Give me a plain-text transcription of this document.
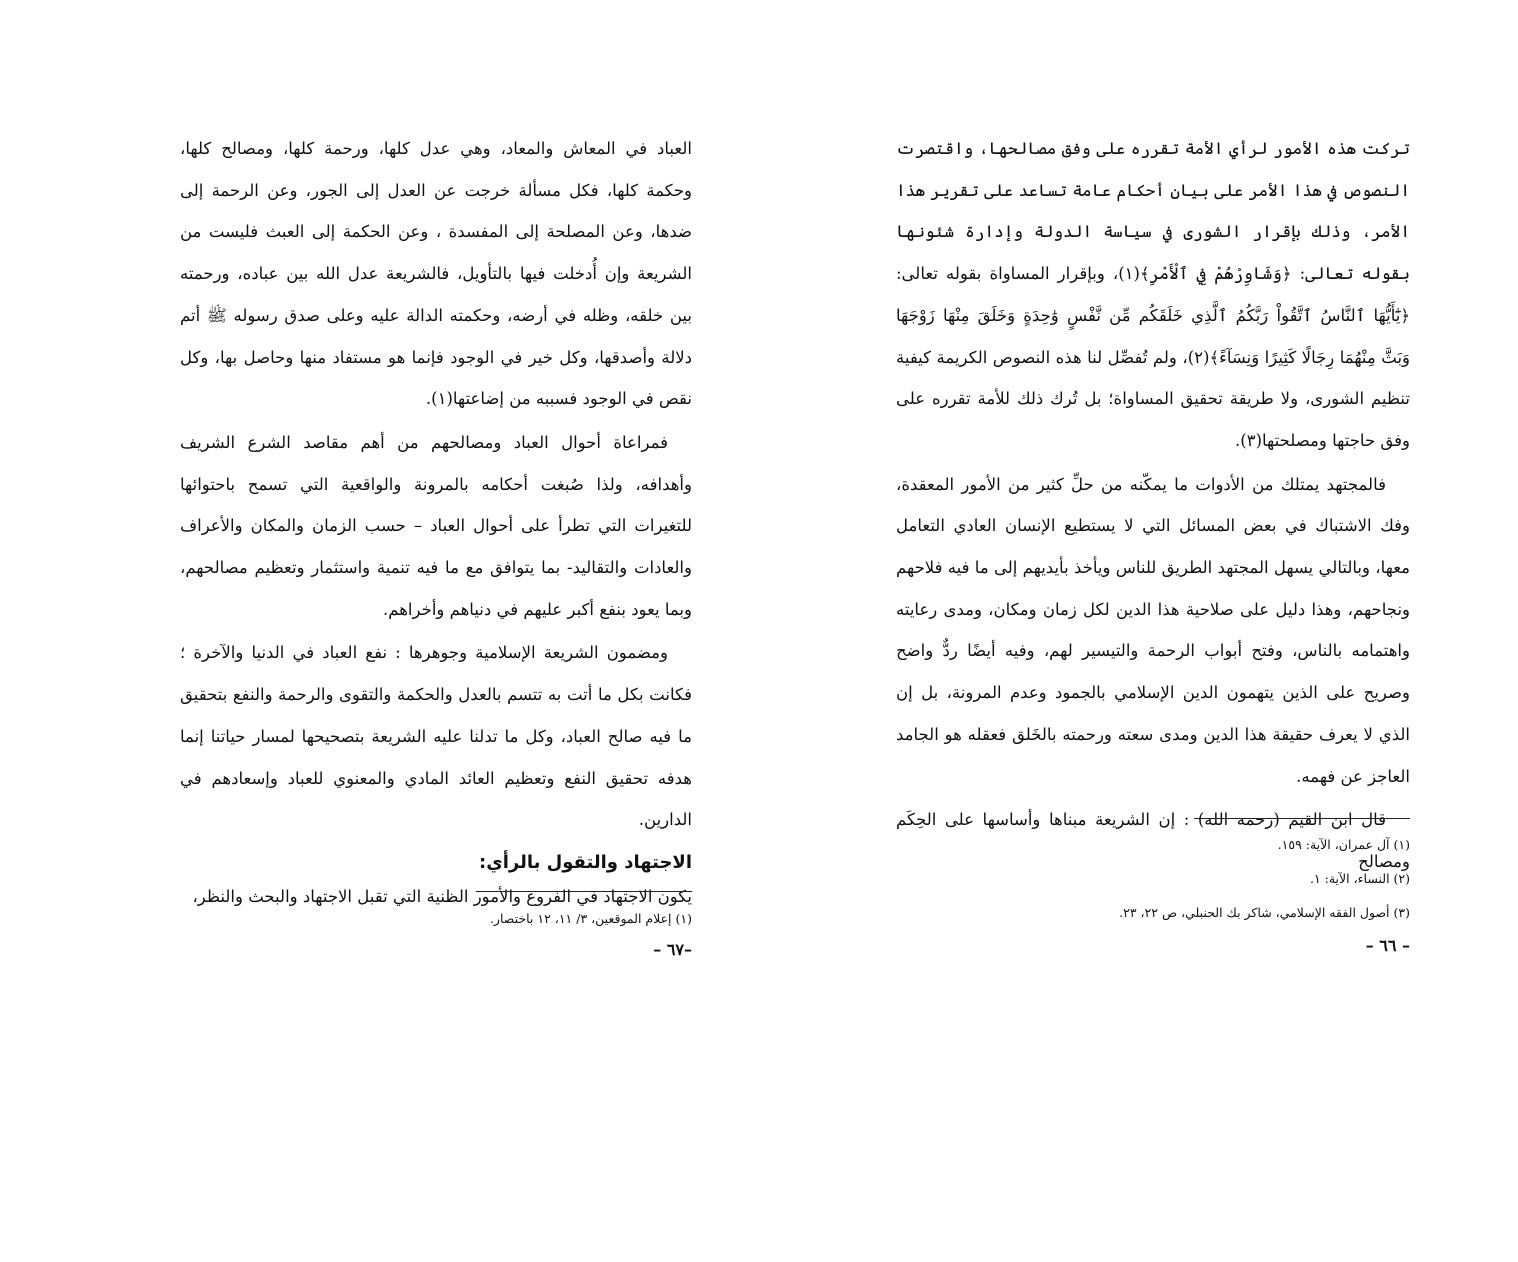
العباد في المعاش والمعاد، وهي عدل كلها، ورحمة كلها، ومصالح كلها، وحكمة كلها، فكل مسألة خرجت عن العدل إلى الجور، وعن الرحمة إلى ضدها، وعن المصلحة إلى المفسدة ، وعن الحكمة إلى العبث فليست من الشريعة وإن أُدخلت فيها بالتأويل، فالشريعة عدل الله بين عباده، ورحمته بين خلقه، وظله في أرضه، وحكمته الدالة عليه وعلى صدق رسوله ﷺ أتم دلالة وأصدقها، وكل خير في الوجود فإنما هو مستفاد منها وحاصل بها، وكل نقص في الوجود فسببه من إضاعتها(١).

فمراعاة أحوال العباد ومصالحهم من أهم مقاصد الشرع الشريف وأهدافه، ولذا صُبغت أحكامه بالمرونة والواقعية التي تسمح باحتوائها للتغيرات التي تطرأ على أحوال العباد – حسب الزمان والمكان والأعراف والعادات والتقاليد- بما يتوافق مع ما فيه تنمية واستثمار وتعظيم مصالحهم، وبما يعود بنفع أكبر عليهم في دنياهم وأخراهم.

ومضمون الشريعة الإسلامية وجوهرها : نفع العباد في الدنيا والآخرة ؛ فكانت بكل ما أتت به تتسم بالعدل والحكمة والتقوى والرحمة والنفع بتحقيق ما فيه صالح العباد، وكل ما تدلنا عليه الشريعة بتصحيحها لمسار حياتنا إنما هدفه تحقيق النفع وتعظيم العائد المادي والمعنوي للعباد وإسعادهم في الدارين.

الاجتهاد والتقول بالرأي:

يكون الاجتهاد في الفروع والأمور الظنية التي تقبل الاجتهاد والبحث والنظر،

(١) إعلام الموقعين، ٣/ ١١، ١٢ باختصار.

–٦٧ –

تركت هذه الأمور لرأي الأمة تقرره على وفق مصالحها، واقتصرت النصوص في هذا الأمر على بيان أحكام عامة تساعد على تقرير هذا الأمر، وذلك بإقرار الشورى في سياسة الدولة وإدارة شئونها بقوله تعالى: ﴿وَشَاوِرْهُمْ فِي ٱلْأَمْرِ﴾(١)، وبإقرار المساواة بقوله تعالى: ﴿يَٰٓأَيُّهَا ٱلنَّاسُ ٱتَّقُواْ رَبَّكُمُ ٱلَّذِي خَلَقَكُم مِّن نَّفْسٍ وَٰحِدَةٍ وَخَلَقَ مِنْهَا زَوْجَهَا وَبَثَّ مِنْهُمَا رِجَالًا كَثِيرًا وَنِسَآءً﴾(٢)، ولم تُفصِّل لنا هذه النصوص الكريمة كيفية تنظيم الشورى، ولا طريقة تحقيق المساواة؛ بل تُرك ذلك للأمة تقرره على وفق حاجتها ومصلحتها(٣).

فالمجتهد يمتلك من الأدوات ما يمكّنه من حلِّ كثير من الأمور المعقدة، وفك الاشتباك في بعض المسائل التي لا يستطيع الإنسان العادي التعامل معها، وبالتالي يسهل المجتهد الطريق للناس ويأخذ بأيديهم إلى ما فيه فلاحهم ونجاحهم، وهذا دليل على صلاحية هذا الدين لكل زمان ومكان، ومدى رعايته واهتمامه بالناس، وفتح أبواب الرحمة والتيسير لهم، وفيه أيضًا ردٌّ واضح وصريح على الذين يتهمون الدين الإسلامي بالجمود وعدم المرونة، بل إن الذي لا يعرف حقيقة هذا الدين ومدى سعته ورحمته بالخَلق فعقله هو الجامد العاجز عن فهمه.

قال ابن القيم (رحمه الله) : إن الشريعة مبناها وأساسها على الحِكَم ومصالح

(١) آل عمران، الآية: ١٥٩.

(٢) النساء، الآية: ١.

(٣) أصول الفقه الإسلامي، شاكر بك الحنبلي، ص ٢٢، ٢٣.

– ٦٦ –
